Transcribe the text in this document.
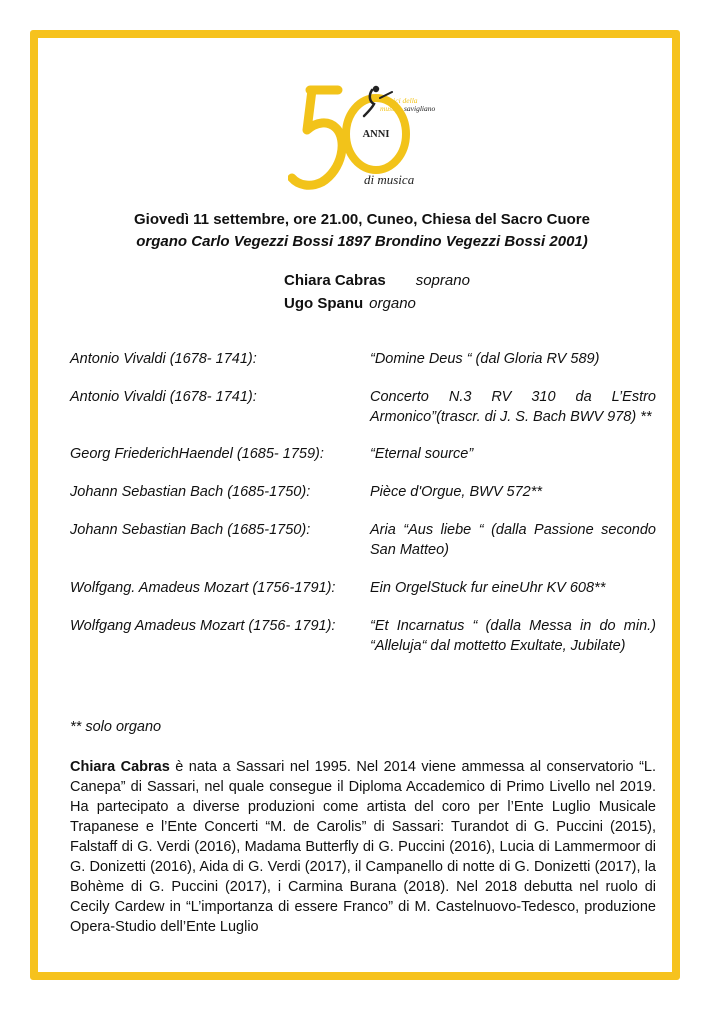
amici della
musica savigliano
ANNI
di musica
Giovedì 11 settembre, ore 21.00, Cuneo, Chiesa del Sacro Cuore
organo Carlo Vegezzi Bossi 1897 Brondino Vegezzi Bossi 2001)
Chiara Cabras soprano
Ugo Spanu organo
Antonio Vivaldi (1678- 1741):	“Domine Deus “ (dal Gloria RV 589)
Antonio Vivaldi (1678- 1741):	Concerto N.3 RV 310 da L’Estro Armonico”(trascr. di J. S. Bach BWV 978) **
Georg FriederichHaendel (1685- 1759):	“Eternal source”
Johann Sebastian Bach (1685-1750):	Pièce d'Orgue, BWV 572**
Johann Sebastian Bach (1685-1750):	Aria “Aus liebe “ (dalla Passione secondo San Matteo)
Wolfgang. Amadeus Mozart (1756-1791):	Ein OrgelStuck fur eineUhr KV 608**
Wolfgang Amadeus Mozart (1756- 1791):	“Et Incarnatus “ (dalla Messa in do min.) “Alleluja“ dal mottetto Exultate, Jubilate)
** solo organo
Chiara Cabras è nata a Sassari nel 1995. Nel 2014 viene ammessa al conservatorio “L. Canepa” di Sassari, nel quale consegue il Diploma Accademico di Primo Livello nel 2019. Ha partecipato a diverse produzioni come artista del coro per l’Ente Luglio Musicale Trapanese e l’Ente Concerti “M. de Carolis” di Sassari: Turandot di G. Puccini (2015), Falstaff di G. Verdi (2016), Madama Butterfly di G. Puccini (2016), Lucia di Lammermoor di G. Donizetti (2016), Aida di G. Verdi (2017), il Campanello di notte di G. Donizetti (2017), la Bohème di G. Puccini (2017), i Carmina Burana (2018). Nel 2018 debutta nel ruolo di Cecily Cardew in “L’importanza di essere Franco” di M. Castelnuovo-Tedesco, produzione Opera-Studio dell’Ente Luglio
